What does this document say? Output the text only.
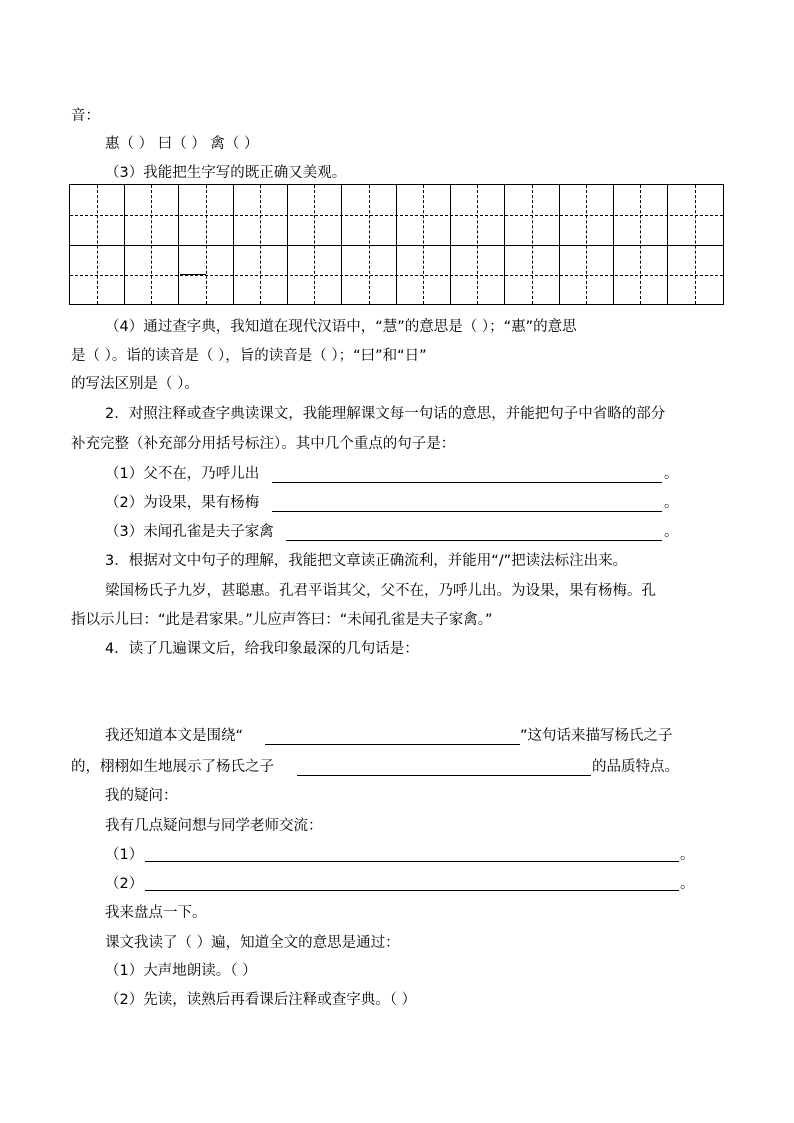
音：
惠（ ） 曰（ ） 禽（ ）
（3）我能把生字写的既正确又美观。
（4）通过查字典，我知道在现代汉语中，“慧”的意思是（ ）；“惠”的意思
是（ ）。诣的读音是（ ），旨的读音是（ ）；“曰”和“日”
的写法区别是（ ）。
2．对照注释或查字典读课文，我能理解课文每一句话的意思，并能把句子中省略的部分
补充完整（补充部分用括号标注）。其中几个重点的句子是：
（1）父不在，乃呼儿出	。
（2）为设果，果有杨梅	。
（3）未闻孔雀是夫子家禽	。
3．根据对文中句子的理解，我能把文章读正确流利，并能用“/”把读法标注出来。
梁国杨氏子九岁，甚聪惠。孔君平诣其父，父不在，乃呼儿出。为设果，果有杨梅。孔
指以示儿曰：“此是君家果。”儿应声答曰：“未闻孔雀是夫子家禽。”
4．读了几遍课文后，给我印象最深的几句话是：
我还知道本文是围绕“	”这句话来描写杨氏之子
的，栩栩如生地展示了杨氏之子	的品质特点。
我的疑问：
我有几点疑问想与同学老师交流：
（1）	。
（2）	。
我来盘点一下。
课文我读了（ ）遍，知道全文的意思是通过：
（1）大声地朗读。（ ）
（2）先读，读熟后再看课后注释或查字典。（ ）
